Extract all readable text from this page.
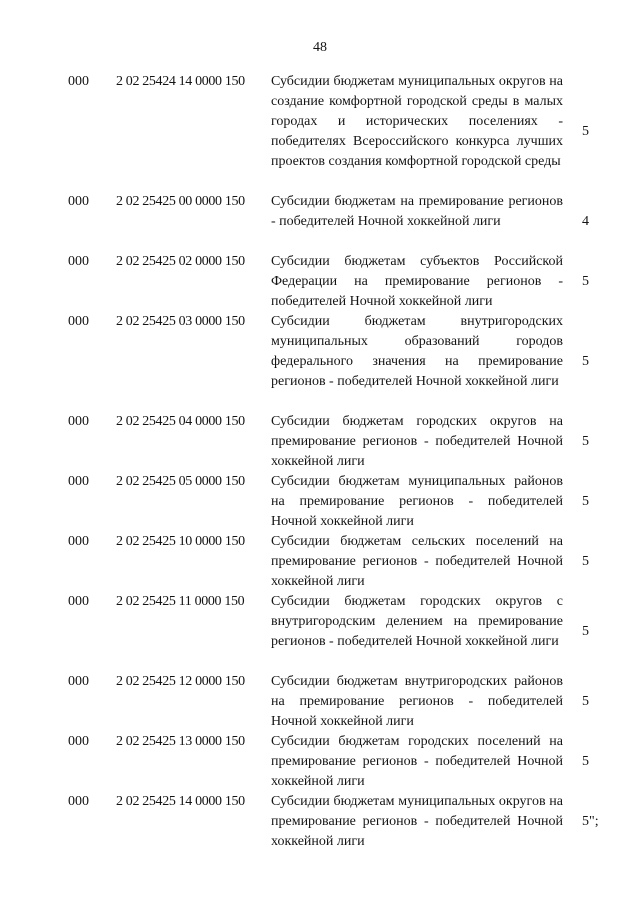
48
000 2 02 25424 14 0000 150 Субсидии бюджетам муниципальных округов на создание комфортной городской среды в малых городах и исторических поселениях - победителях Всероссийского конкурса лучших проектов создания комфортной городской среды
5
000 2 02 25425 00 0000 150 Субсидии бюджетам на премирование регионов - победителей Ночной хоккейной лиги	4
000 2 02 25425 02 0000 150 Субсидии бюджетам субъектов Российской Федерации на премирование регионов - победителей Ночной хоккейной лиги
5
000 2 02 25425 03 0000 150 Субсидии бюджетам внутригородских муниципальных образований городов федерального значения на премирование регионов - победителей Ночной хоккейной лиги
5
000 2 02 25425 04 0000 150 Субсидии бюджетам городских округов на премирование регионов - победителей Ночной хоккейной лиги
5
000 2 02 25425 05 0000 150 Субсидии бюджетам муниципальных районов на премирование регионов - победителей Ночной хоккейной лиги
5
000 2 02 25425 10 0000 150 Субсидии бюджетам сельских поселений на премирование регионов - победителей Ночной хоккейной лиги
5
000 2 02 25425 11 0000 150 Субсидии бюджетам городских округов с внутригородским делением на премирование регионов - победителей Ночной хоккейной лиги
5
000 2 02 25425 12 0000 150 Субсидии бюджетам внутригородских районов на премирование регионов - победителей Ночной хоккейной лиги
5
000 2 02 25425 13 0000 150 Субсидии бюджетам городских поселений на премирование регионов - победителей Ночной хоккейной лиги
5
000 2 02 25425 14 0000 150 Субсидии бюджетам муниципальных округов на премирование регионов - победителей Ночной хоккейной лиги
5";
